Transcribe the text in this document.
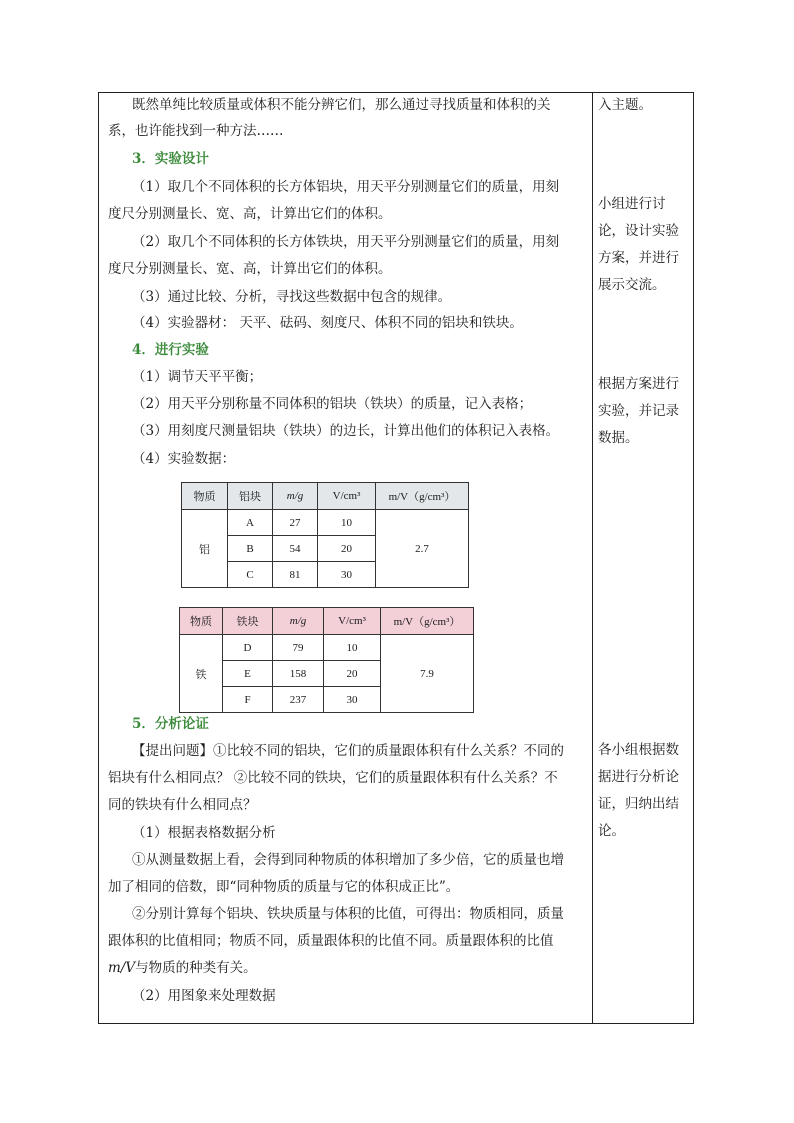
既然单纯比较质量或体积不能分辨它们，那么通过寻找质量和体积的关
系，也许能找到一种方法……
3．实验设计
（1）取几个不同体积的长方体铝块，用天平分别测量它们的质量，用刻
度尺分别测量长、宽、高，计算出它们的体积。
（2）取几个不同体积的长方体铁块，用天平分别测量它们的质量，用刻
度尺分别测量长、宽、高，计算出它们的体积。
（3）通过比较、分析，寻找这些数据中包含的规律。
（4）实验器材： 天平、砝码、刻度尺、体积不同的铝块和铁块。
4．进行实验
（1）调节天平平衡；
（2）用天平分别称量不同体积的铝块（铁块）的质量，记入表格；
（3）用刻度尺测量铝块（铁块）的边长，计算出他们的体积记入表格。
（4）实验数据：
5．分析论证
【提出问题】①比较不同的铝块，它们的质量跟体积有什么关系？不同的
铝块有什么相同点？ ②比较不同的铁块，它们的质量跟体积有什么关系？不
同的铁块有什么相同点？
（1）根据表格数据分析
①从测量数据上看，会得到同种物质的体积增加了多少倍，它的质量也增
加了相同的倍数，即“同种物质的质量与它的体积成正比”。
②分别计算每个铝块、铁块质量与体积的比值，可得出：物质相同，质量
跟体积的比值相同；物质不同，质量跟体积的比值不同。质量跟体积的比值
m/V与物质的种类有关。
（2）用图象来处理数据
物质	铝块	m/g	V/cm³	m/V（g/cm³）
铝	A	27	10	2.7
	B	54	20	
	C	81	30	
物质	铁块	m/g	V/cm³	m/V（g/cm³）
铁	D	79	10	7.9
	E	158	20	
	F	237	30	
入主题。
小组进行讨
论，设计实验
方案，并进行
展示交流。
根据方案进行
实验，并记录
数据。
各小组根据数
据进行分析论
证，归纳出结
论。
